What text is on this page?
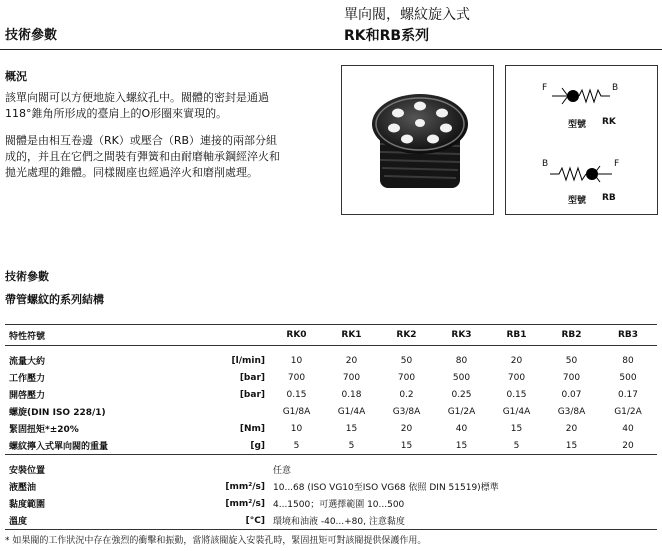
技術參數
單向閥，螺紋旋入式
RK和RB系列
概況
該單向閥可以方便地旋入螺紋孔中。閥體的密封是通過
118°錐角所形成的臺肩上的O形圈來實現的。
閥體是由相互卷邊（RK）或壓合（RB）連接的兩部分組
成的，并且在它們之間裝有彈簧和由耐磨軸承鋼經淬火和
拋光處理的錐體。同樣閥座也經過淬火和磨削處理。
F	B
型號 RK
B	F
型號 RB
技術參數
帶管螺紋的系列結構
特性符號		RK0	RK1	RK2	RK3	RB1	RB2	RB3

流量大約	[l/min]	10	20	50	80	20	50	80
工作壓力	[bar]	700	700	700	500	700	700	500
開啓壓力	[bar]	0.15	0.18	0.2	0.25	0.15	0.07	0.17
螺旋(DIN ISO 228/1)		G1/8A	G1/4A	G3/8A	G1/2A	G1/4A	G3/8A	G1/2A
緊固扭矩*±20%	[Nm]	10	15	20	40	15	20	40
螺紋擰入式單向閥的重量	[g]	5	5	15	15	5	15	20

安裝位置		任意						
液壓油	[mm²/s]	10...68 (ISO VG10至ISO VG68 依照 DIN 51519)標準						
黏度範圍	[mm²/s]	4...1500；可選擇範圍 10...500						
溫度	[°C]	環境和油液 -40...+80, 注意黏度						
* 如果閥的工作狀況中存在強烈的衝擊和振動，當將該閥旋入安裝孔時，緊固扭矩可對該閥提供保護作用。
